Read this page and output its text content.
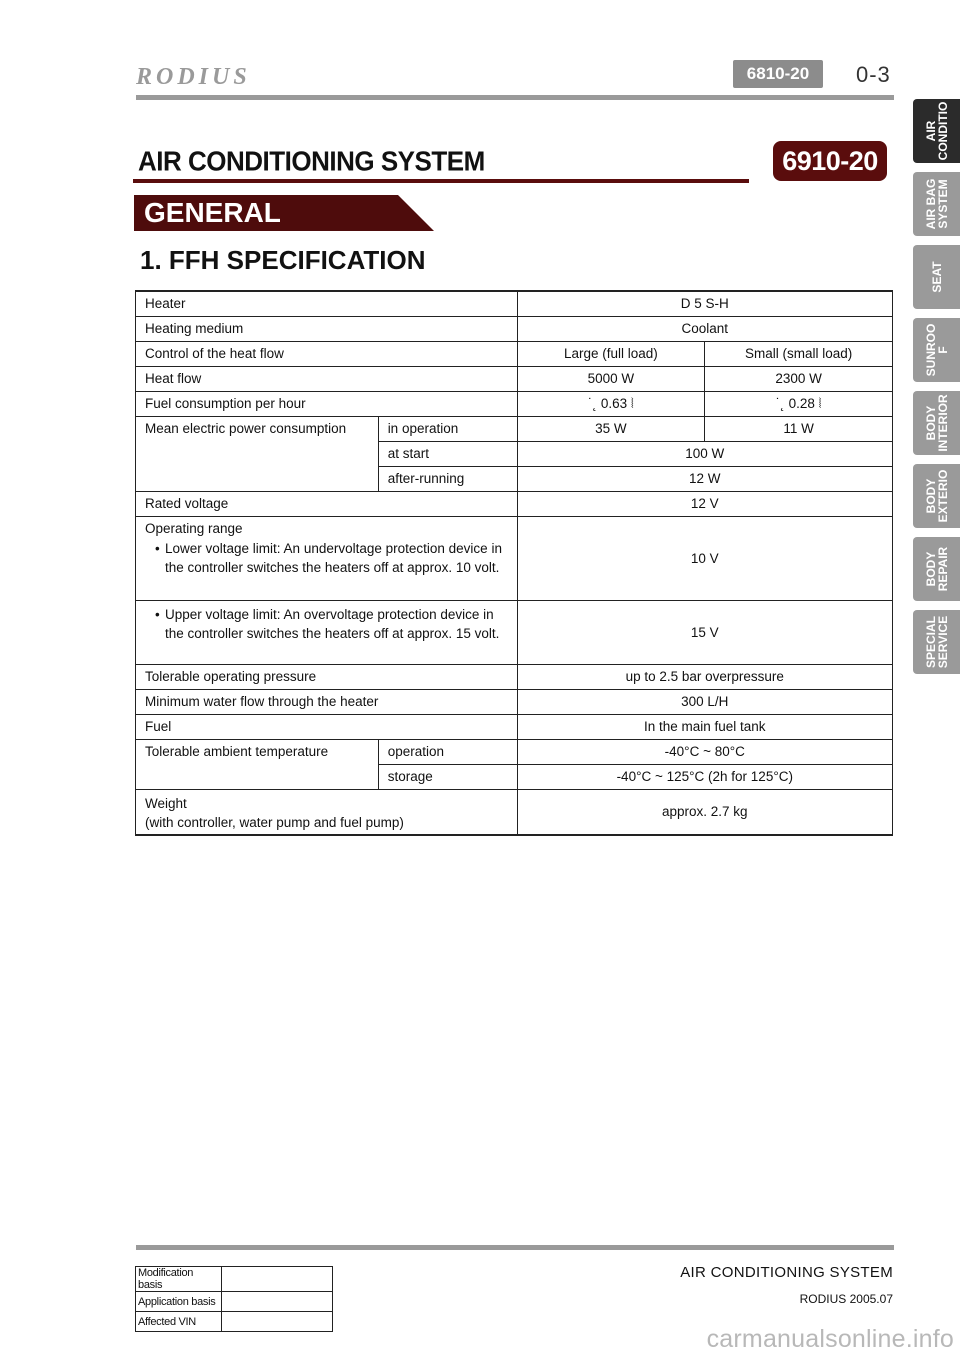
RODIUS	6810-20	0-3
AIR CONDITIONING SYSTEM	6910-20
GENERAL
1. FFH SPECIFICATION
Heater		D 5 S-H	
Heating medium		Coolant	
Control of the heat flow		Large (full load)	Small (small load)
Heat flow		5000 W	2300 W
Fuel consumption per hour		˙˛ 0.63 ⦚	˙˛ 0.28 ⦚
Mean electric power consumption	in operation	35 W	11 W
	at start	100 W	
	after-running	12 W	
Rated voltage		12 V	

Operating range
• Lower voltage limit: An undervoltage protection device in the controller switches the heaters off at approx. 10 volt.		10 V	

• Upper voltage limit: An overvoltage protection device in the controller switches the heaters off at approx. 15 volt.		15 V	
Tolerable operating pressure		up to 2.5 bar overpressure	
Minimum water flow through the heater		300 L/H	
Fuel		In the main fuel tank	
Tolerable ambient temperature	operation	-40°C ~ 80°C	
	storage	-40°C ~ 125°C (2h for 125°C)	

Weight
(with controller, water pump and fuel pump)		approx. 2.7 kg	
AIR
CONDITIO
AIR BAG
SYSTEM
SEAT
SUNROO
F
BODY
INTERIOR
BODY
EXTERIO
BODY
REPAIR
SPECIAL
SERVICE
AIR CONDITIONING SYSTEM
RODIUS 2005.07
Modification basis	
Application basis	
Affected VIN	
carmanualsonline.info
